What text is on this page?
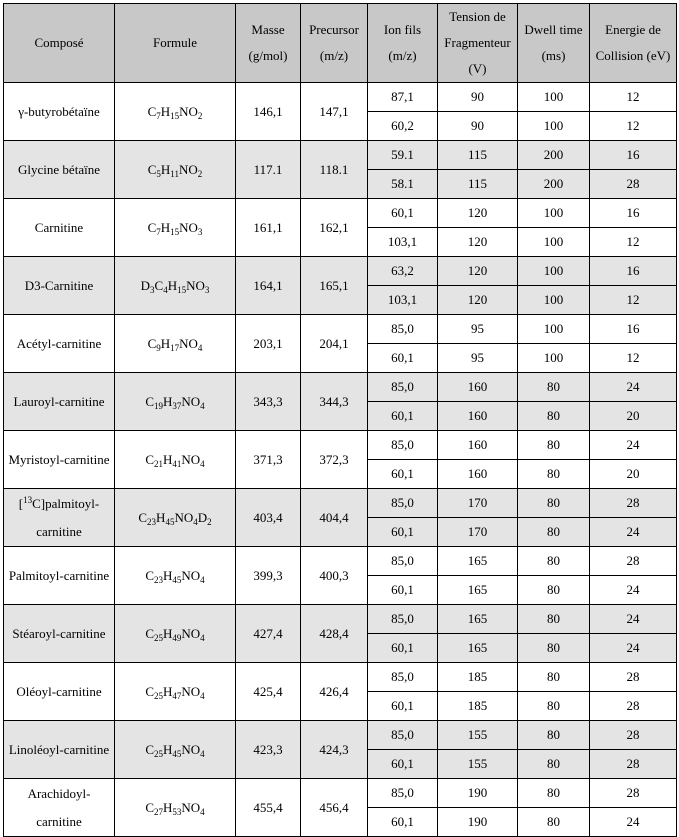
Composé	Formule	Masse (g/mol)	Precursor (m/z)	Ion fils (m/z)	Tension de Fragmenteur (V)	Dwell time (ms)	Energie de Collision (eV)
γ-butyrobétaïne	$C_7H_{15}NO_2$	146,1	147,1	87,1	90	100	12
				60,2	90	100	12
Glycine bétaïne	$C_5H_{11}NO_2$	117.1	118.1	59.1	115	200	16
				58.1	115	200	28
Carnitine	$C_7H_{15}NO_3$	161,1	162,1	60,1	120	100	16
				103,1	120	100	12
D3-Carnitine	$D_3C_4H_{15}NO_3$	164,1	165,1	63,2	120	100	16
				103,1	120	100	12
Acétyl-carnitine	$C_9H_{17}NO_4$	203,1	204,1	85,0	95	100	16
				60,1	95	100	12
Lauroyl-carnitine	$C_{19}H_{37}NO_4$	343,3	344,3	85,0	160	80	24
				60,1	160	80	20
Myristoyl-carnitine	$C_{21}H_{41}NO_4$	371,3	372,3	85,0	160	80	24
				60,1	160	80	20
[$^{13}$C]palmitoyl-carnitine	$C_{23}H_{45}NO_4D_2$	403,4	404,4	85,0	170	80	28
				60,1	170	80	24
Palmitoyl-carnitine	$C_{23}H_{45}NO_4$	399,3	400,3	85,0	165	80	28
				60,1	165	80	24
Stéaroyl-carnitine	$C_{25}H_{49}NO_4$	427,4	428,4	85,0	165	80	24
				60,1	165	80	24
Oléoyl-carnitine	$C_{25}H_{47}NO_4$	425,4	426,4	85,0	185	80	28
				60,1	185	80	28
Linoléoyl-carnitine	$C_{25}H_{45}NO_4$	423,3	424,3	85,0	155	80	28
				60,1	155	80	28
Arachidoyl-carnitine	$C_{27}H_{53}NO_4$	455,4	456,4	85,0	190	80	28
				60,1	190	80	24
